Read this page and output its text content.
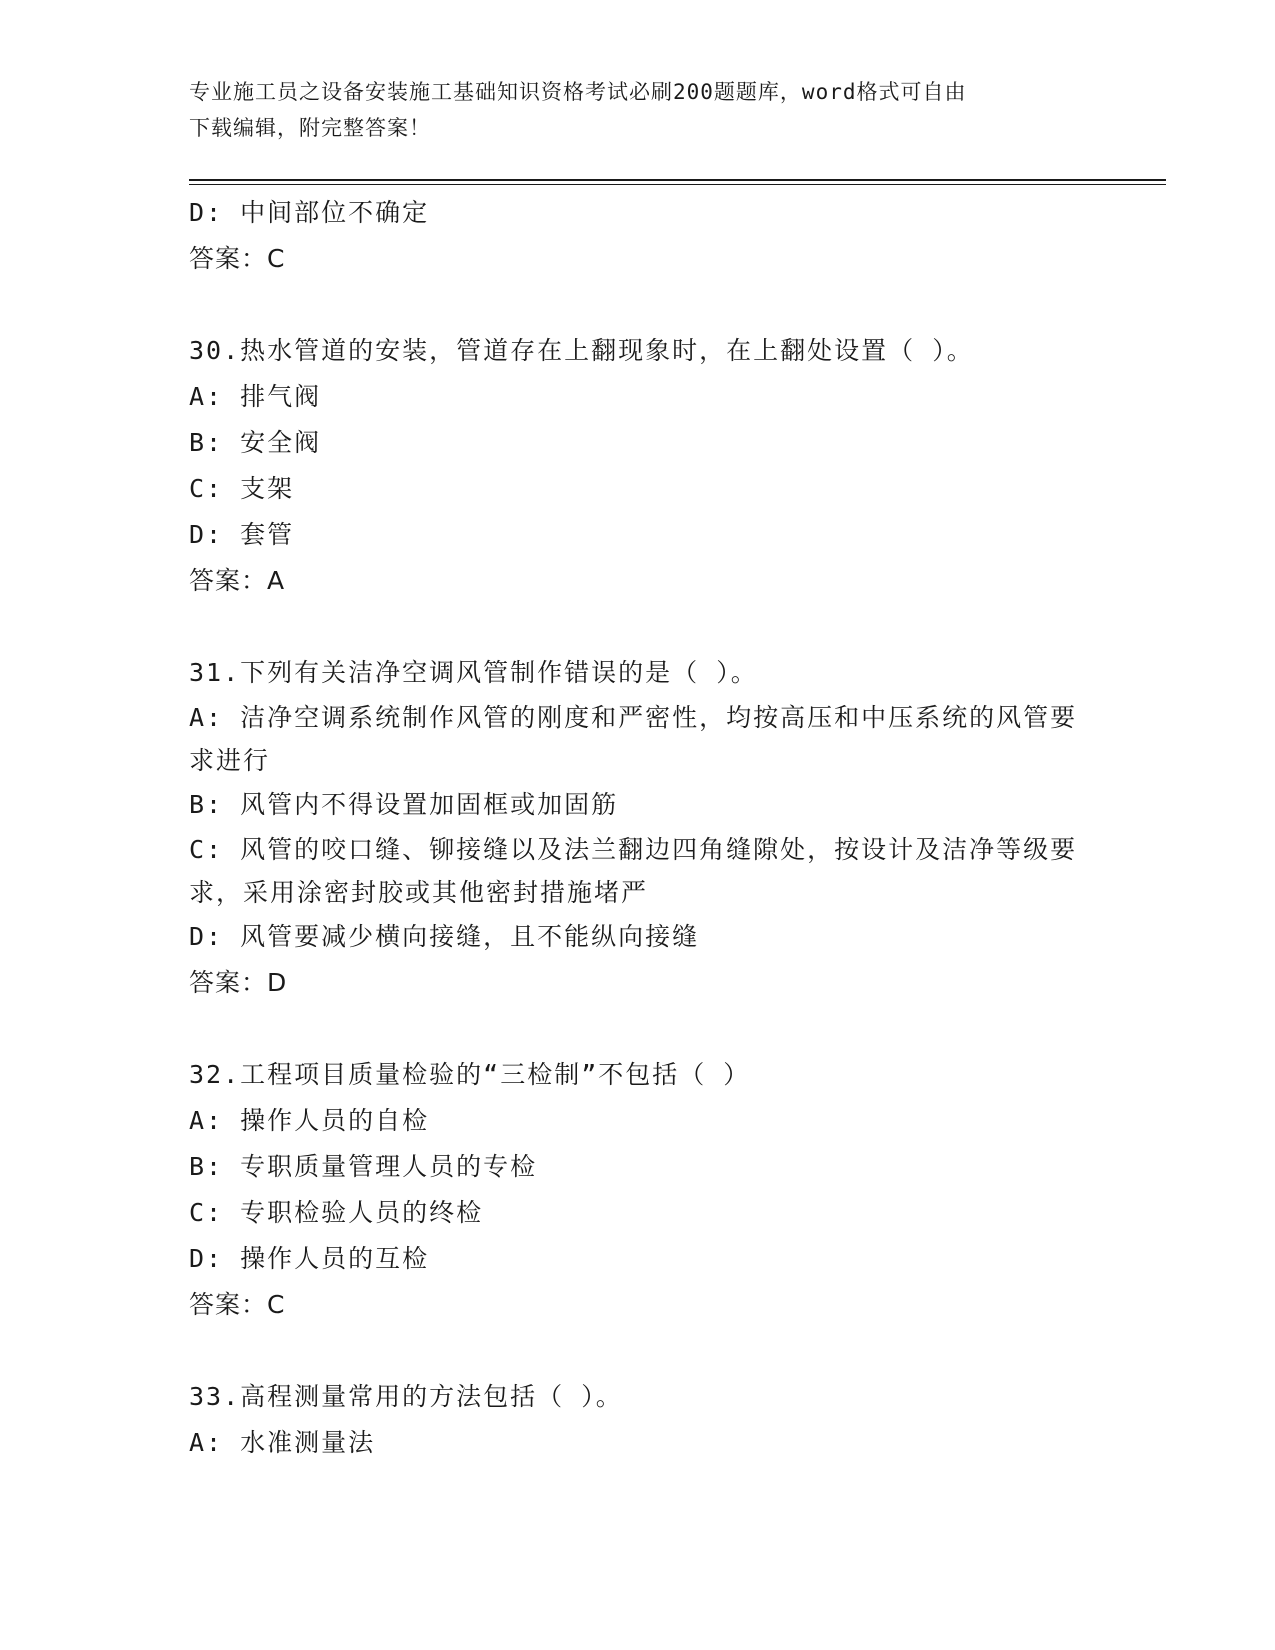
专业施工员之设备安装施工基础知识资格考试必刷200题题库，word格式可自由
下载编辑，附完整答案！

D: 中间部位不确定

答案：C

30.热水管道的安装，管道存在上翻现象时，在上翻处设置（ ）。

A: 排气阀

B: 安全阀

C: 支架

D: 套管

答案：A

31.下列有关洁净空调风管制作错误的是（ ）。

A: 洁净空调系统制作风管的刚度和严密性，均按高压和中压系统的风管要求进行

B: 风管内不得设置加固框或加固筋

C: 风管的咬口缝、铆接缝以及法兰翻边四角缝隙处，按设计及洁净等级要求，采用涂密封胶或其他密封措施堵严

D: 风管要减少横向接缝，且不能纵向接缝

答案：D

32.工程项目质量检验的“三检制”不包括（ ）

A: 操作人员的自检

B: 专职质量管理人员的专检

C: 专职检验人员的终检

D: 操作人员的互检

答案：C

33.高程测量常用的方法包括（ ）。

A: 水准测量法
